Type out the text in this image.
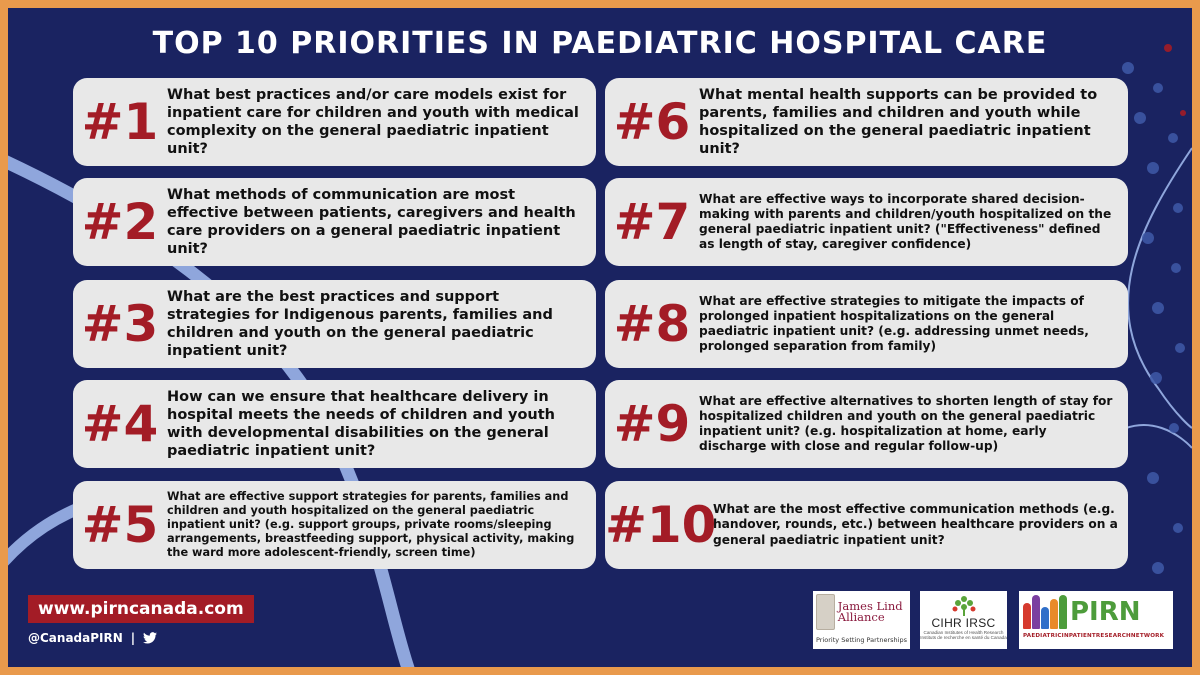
TOP 10 PRIORITIES IN PAEDIATRIC HOSPITAL CARE
#1 What best practices and/or care models exist for inpatient care for children and youth with medical complexity on the general paediatric inpatient unit?
#2 What methods of communication are most effective between patients, caregivers and health care providers on a general paediatric inpatient unit?
#3 What are the best practices and support strategies for Indigenous parents, families and children and youth on the general paediatric inpatient unit?
#4 How can we ensure that healthcare delivery in hospital meets the needs of children and youth with developmental disabilities on the general paediatric inpatient unit?
#5 What are effective support strategies for parents, families and children and youth hospitalized on the general paediatric inpatient unit? (e.g. support groups, private rooms/sleeping arrangements, breastfeeding support, physical activity, making the ward more adolescent-friendly, screen time)
#6 What mental health supports can be provided to parents, families and children and youth while hospitalized on the general paediatric inpatient unit?
#7 What are effective ways to incorporate shared decision-making with parents and children/youth hospitalized on the general paediatric inpatient unit? ("Effectiveness" defined as length of stay, caregiver confidence)
#8 What are effective strategies to mitigate the impacts of prolonged inpatient hospitalizations on the general paediatric inpatient unit? (e.g. addressing unmet needs, prolonged separation from family)
#9 What are effective alternatives to shorten length of stay for hospitalized children and youth on the general paediatric inpatient unit? (e.g. hospitalization at home, early discharge with close and regular follow-up)
#10
What are the most effective communication methods (e.g. handover, rounds, etc.) between healthcare providers on a general paediatric inpatient unit?
www.pirncanada.com
@CanadaPIRN |
James Lind Alliance
Priority Setting Partnerships
CIHR IRSC
Canadian Institutes of Health Research
Instituts de recherche en santé du Canada
PIRN
PAEDIATRICINPATIENTRESEARCHNETWORK
